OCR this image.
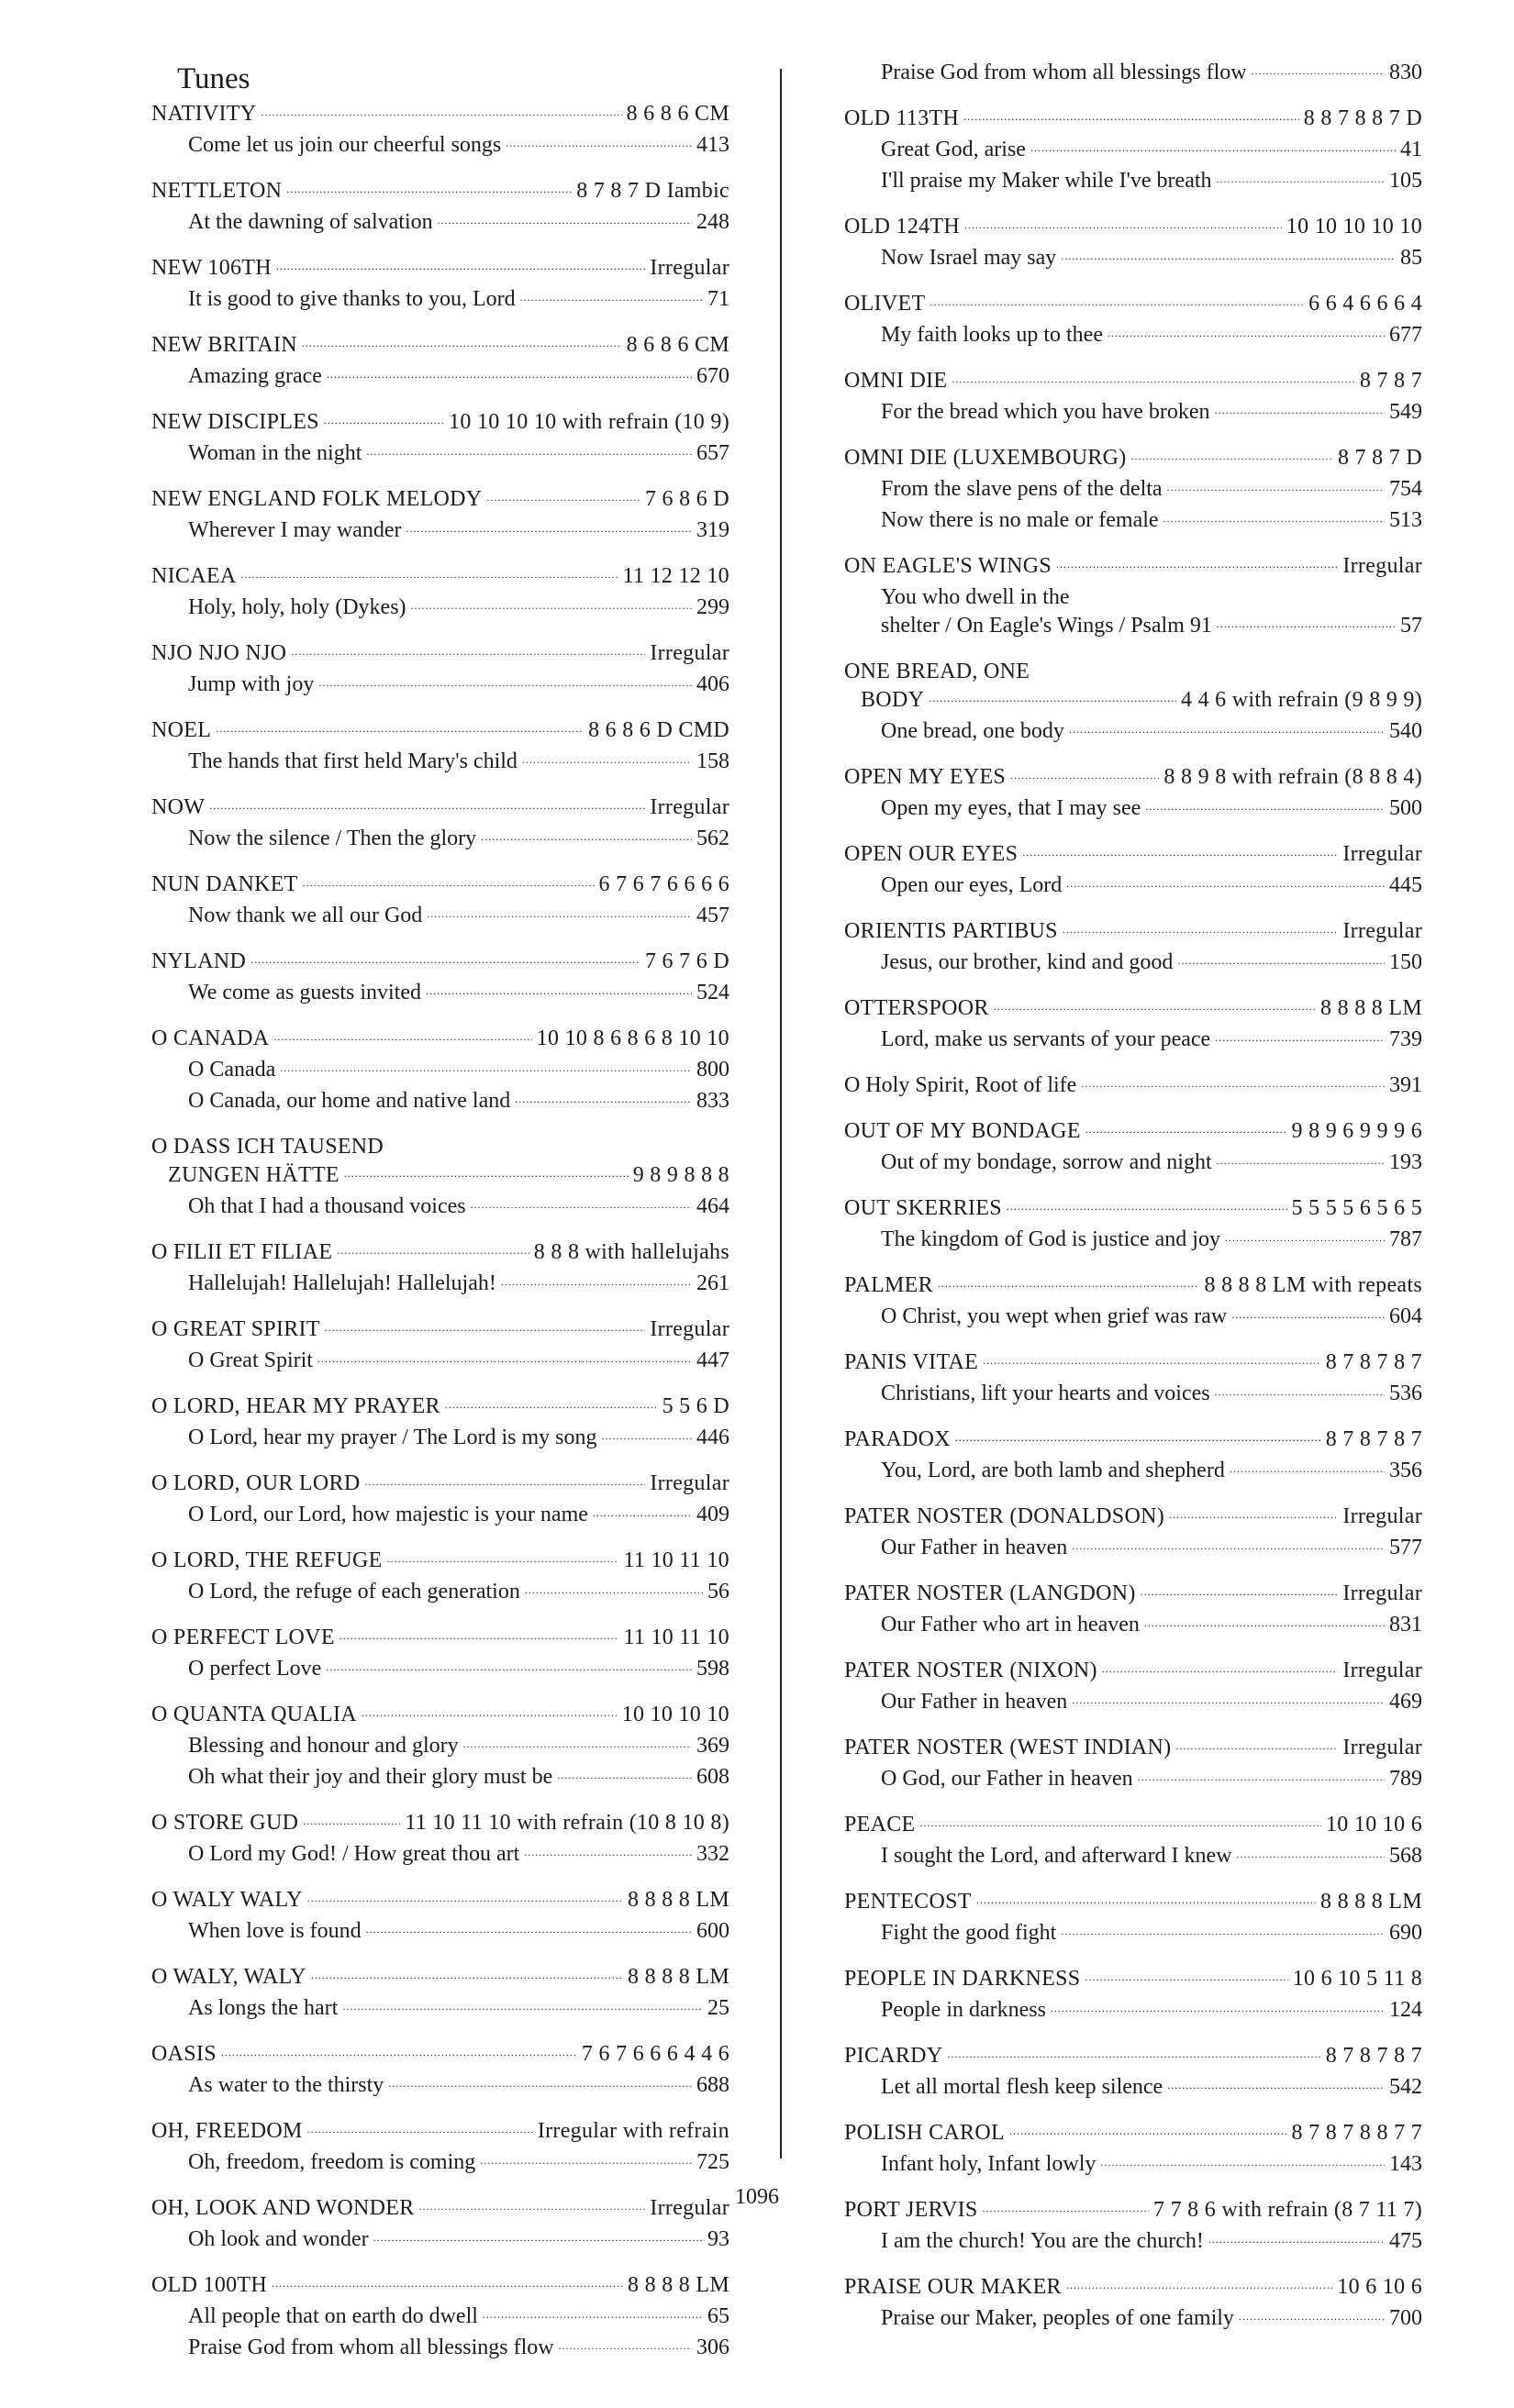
Tunes
NATIVITY . . .	8 6 8 6 CM
Come let us join our cheerful songs . . .	413
NETTLETON . . .	8 7 8 7 D Iambic
At the dawning of salvation . . .	248
NEW 106TH . . .	Irregular
It is good to give thanks to you, Lord . . .	71
NEW BRITAIN . . .	8 6 8 6 CM
Amazing grace . . .	670
NEW DISCIPLES . . .	10 10 10 10 with refrain (10 9)
Woman in the night . . .	657
NEW ENGLAND FOLK MELODY . . .	7 6 8 6 D
Wherever I may wander . . .	319
NICAEA . . .	11 12 12 10
Holy, holy, holy (Dykes) . . .	299
NJO NJO NJO . . .	Irregular
Jump with joy . . .	406
NOEL . . .	8 6 8 6 D CMD
The hands that first held Mary's child . . .	158
NOW . . .	Irregular
Now the silence / Then the glory . . .	562
NUN DANKET . . .	6 7 6 7 6 6 6 6
Now thank we all our God . . .	457
NYLAND . . .	7 6 7 6 D
We come as guests invited . . .	524
O CANADA . . .	10 10 8 6 8 6 8 10 10
O Canada . . .	800
O Canada, our home and native land . . .	833
O DASS ICH TAUSEND
ZUNGEN HÄTTE . . .	9 8 9 8 8 8
Oh that I had a thousand voices . . .	464
O FILII ET FILIAE . . .	8 8 8 with hallelujahs
Hallelujah! Hallelujah! Hallelujah! . . .	261
O GREAT SPIRIT . . .	Irregular
O Great Spirit . . .	447
O LORD, HEAR MY PRAYER . . .	5 5 6 D
O Lord, hear my prayer / The Lord is my song . . .	446
O LORD, OUR LORD . . .	Irregular
O Lord, our Lord, how majestic is your name . . .	409
O LORD, THE REFUGE . . .	11 10 11 10
O Lord, the refuge of each generation . . .	56
O PERFECT LOVE . . .	11 10 11 10
O perfect Love . . .	598
O QUANTA QUALIA . . .	10 10 10 10
Blessing and honour and glory . . .	369
Oh what their joy and their glory must be . . .	608
O STORE GUD . . .	11 10 11 10 with refrain (10 8 10 8)
O Lord my God! / How great thou art . . .	332
O WALY WALY . . .	8 8 8 8 LM
When love is found . . .	600
O WALY, WALY . . .	8 8 8 8 LM
As longs the hart . . .	25
OASIS . . .	7 6 7 6 6 6 4 4 6
As water to the thirsty . . .	688
OH, FREEDOM . . .	Irregular with refrain
Oh, freedom, freedom is coming . . .	725
OH, LOOK AND WONDER . . .	Irregular
Oh look and wonder . . .	93
OLD 100TH . . .	8 8 8 8 LM
All people that on earth do dwell . . .	65
Praise God from whom all blessings flow . . .	306
Praise God from whom all blessings flow . . .	830
OLD 113TH . . .	8 8 7 8 8 7 D
Great God, arise . . .	41
I'll praise my Maker while I've breath . . .	105
OLD 124TH . . .	10 10 10 10 10
Now Israel may say . . .	85
OLIVET . . .	6 6 4 6 6 6 4
My faith looks up to thee . . .	677
OMNI DIE . . .	8 7 8 7
For the bread which you have broken . . .	549
OMNI DIE (LUXEMBOURG) . . .	8 7 8 7 D
From the slave pens of the delta . . .	754
Now there is no male or female . . .	513
ON EAGLE'S WINGS . . .	Irregular
You who dwell in the
shelter / On Eagle's Wings / Psalm 91 . . .	57
ONE BREAD, ONE
BODY . . .	4 4 6 with refrain (9 8 9 9)
One bread, one body . . .	540
OPEN MY EYES . . .	8 8 9 8 with refrain (8 8 8 4)
Open my eyes, that I may see . . .	500
OPEN OUR EYES . . .	Irregular
Open our eyes, Lord . . .	445
ORIENTIS PARTIBUS . . .	Irregular
Jesus, our brother, kind and good . . .	150
OTTERSPOOR . . .	8 8 8 8 LM
Lord, make us servants of your peace . . .	739
O Holy Spirit, Root of life . . .	391
OUT OF MY BONDAGE . . .	9 8 9 6 9 9 9 6
Out of my bondage, sorrow and night . . .	193
OUT SKERRIES . . .	5 5 5 5 6 5 6 5
The kingdom of God is justice and joy . . .	787
PALMER . . .	8 8 8 8 LM with repeats
O Christ, you wept when grief was raw . . .	604
PANIS VITAE . . .	8 7 8 7 8 7
Christians, lift your hearts and voices . . .	536
PARADOX . . .	8 7 8 7 8 7
You, Lord, are both lamb and shepherd . . .	356
PATER NOSTER (DONALDSON) . . .	Irregular
Our Father in heaven . . .	577
PATER NOSTER (LANGDON) . . .	Irregular
Our Father who art in heaven . . .	831
PATER NOSTER (NIXON) . . .	Irregular
Our Father in heaven . . .	469
PATER NOSTER (WEST INDIAN) . . .	Irregular
O God, our Father in heaven . . .	789
PEACE . . .	10 10 10 6
I sought the Lord, and afterward I knew . . .	568
PENTECOST . . .	8 8 8 8 LM
Fight the good fight . . .	690
PEOPLE IN DARKNESS . . .	10 6 10 5 11 8
People in darkness . . .	124
PICARDY . . .	8 7 8 7 8 7
Let all mortal flesh keep silence . . .	542
POLISH CAROL . . .	8 7 8 7 8 8 7 7
Infant holy, Infant lowly . . .	143
PORT JERVIS . . .	7 7 8 6 with refrain (8 7 11 7)
I am the church! You are the church! . . .	475
PRAISE OUR MAKER . . .	10 6 10 6
Praise our Maker, peoples of one family . . .	700
1096
